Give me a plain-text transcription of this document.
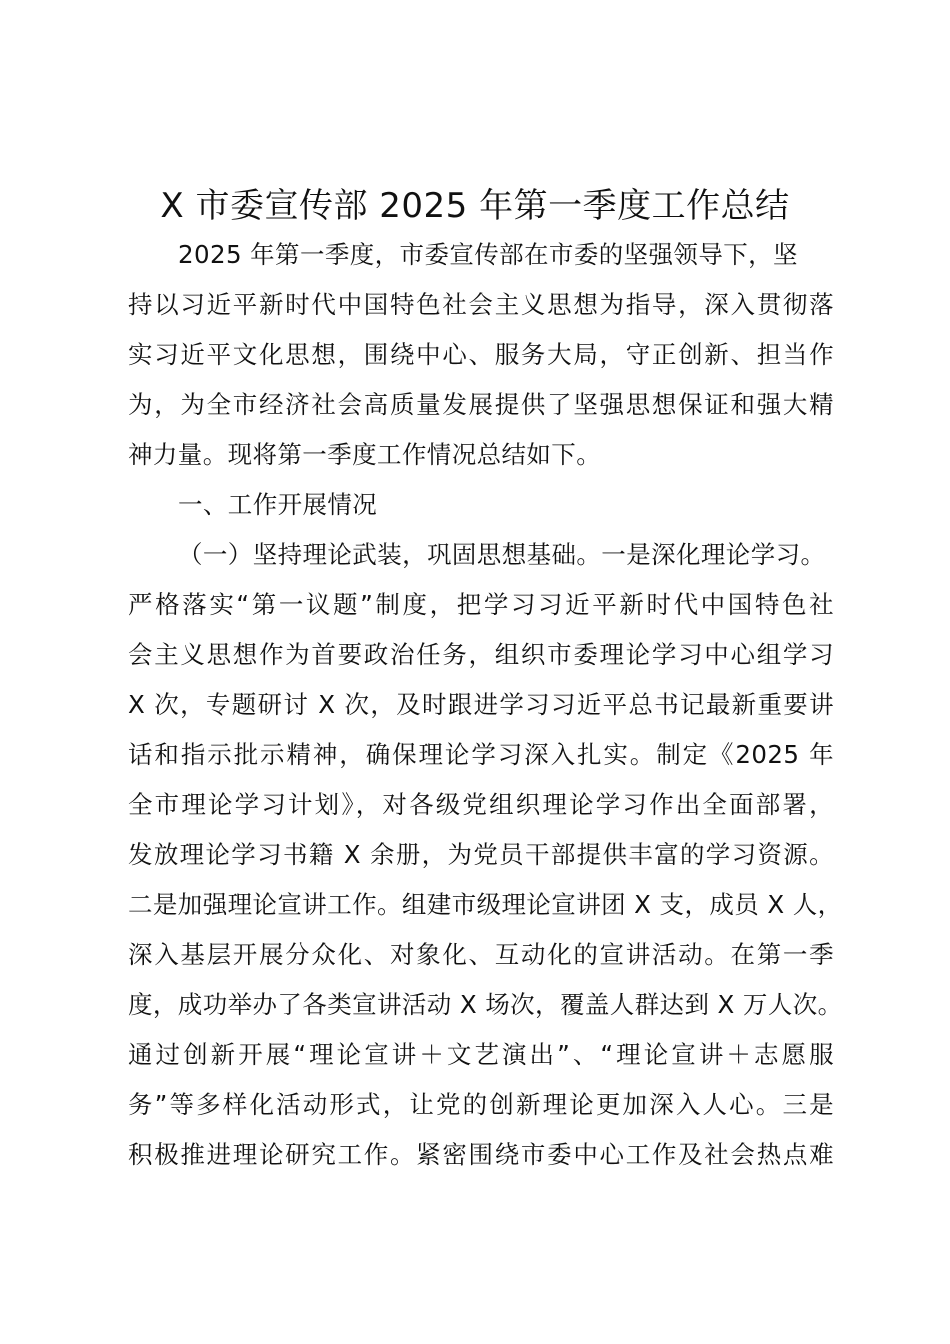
X 市委宣传部 2025 年第一季度工作总结
2025 年第一季度，市委宣传部在市委的坚强领导下，坚
持以习近平新时代中国特色社会主义思想为指导，深入贯彻落
实习近平文化思想，围绕中心、服务大局，守正创新、担当作
为，为全市经济社会高质量发展提供了坚强思想保证和强大精
神力量。现将第一季度工作情况总结如下。
一、工作开展情况
（一）坚持理论武装，巩固思想基础。一是深化理论学习。
严格落实“第一议题”制度，把学习习近平新时代中国特色社
会主义思想作为首要政治任务，组织市委理论学习中心组学习
X 次，专题研讨 X 次，及时跟进学习习近平总书记最新重要讲
话和指示批示精神，确保理论学习深入扎实。制定《2025 年
全市理论学习计划》，对各级党组织理论学习作出全面部署，
发放理论学习书籍 X 余册，为党员干部提供丰富的学习资源。
二是加强理论宣讲工作。组建市级理论宣讲团 X 支，成员 X 人，
深入基层开展分众化、对象化、互动化的宣讲活动。在第一季
度，成功举办了各类宣讲活动 X 场次，覆盖人群达到 X 万人次。
通过创新开展“理论宣讲＋文艺演出”、“理论宣讲＋志愿服
务”等多样化活动形式，让党的创新理论更加深入人心。三是
积极推进理论研究工作。紧密围绕市委中心工作及社会热点难
